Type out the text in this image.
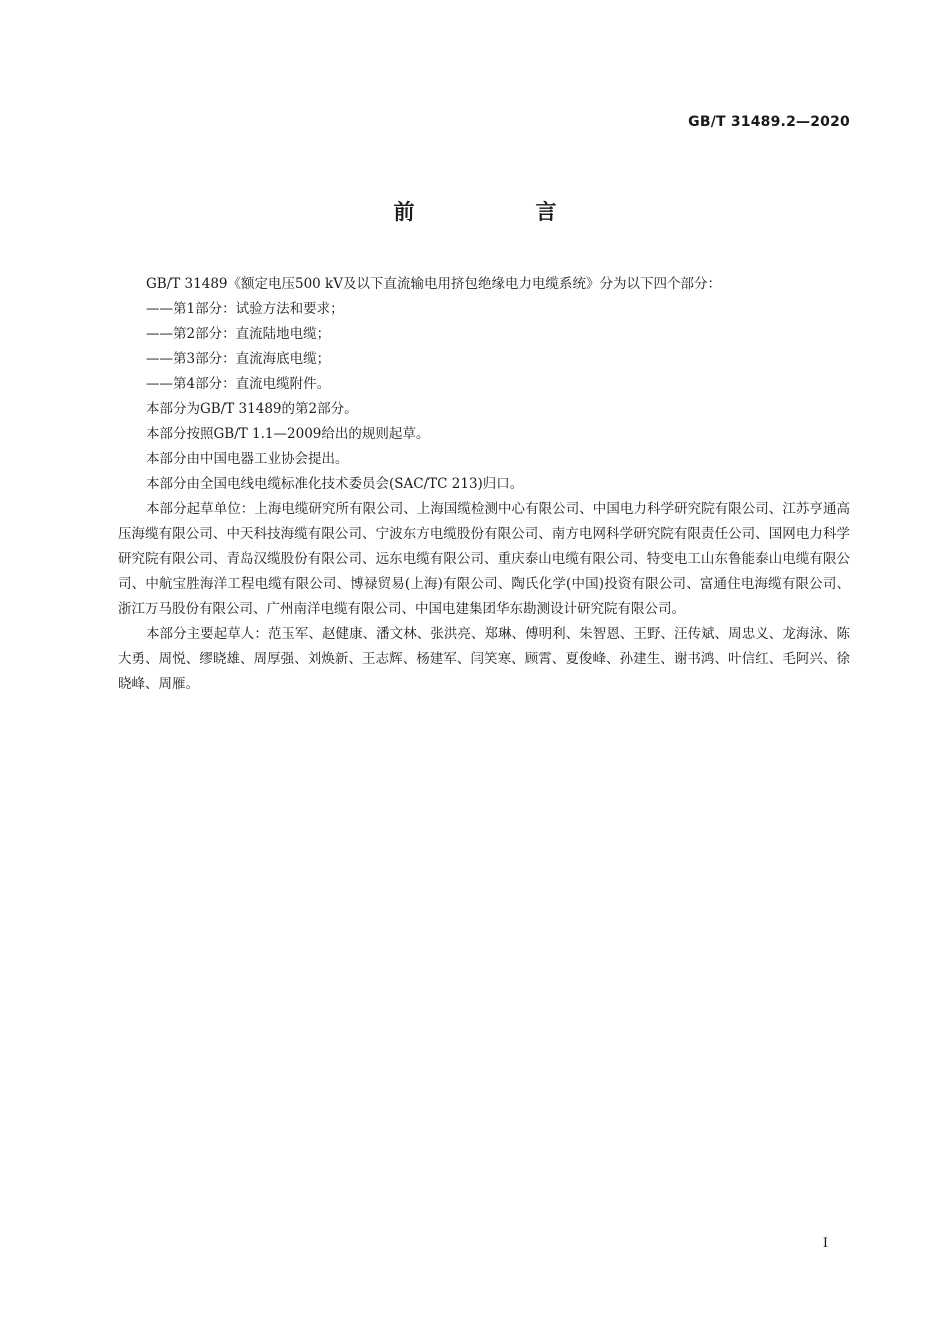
GB/T 31489.2—2020
前　言

GB/T 31489《额定电压500 kV及以下直流输电用挤包绝缘电力电缆系统》分为以下四个部分：

——第1部分：试验方法和要求；

——第2部分：直流陆地电缆；

——第3部分：直流海底电缆；

——第4部分：直流电缆附件。

本部分为GB/T 31489的第2部分。

本部分按照GB/T 1.1—2009给出的规则起草。

本部分由中国电器工业协会提出。

本部分由全国电线电缆标准化技术委员会(SAC/TC 213)归口。

本部分起草单位：上海电缆研究所有限公司、上海国缆检测中心有限公司、中国电力科学研究院有限公司、江苏亨通高压海缆有限公司、中天科技海缆有限公司、宁波东方电缆股份有限公司、南方电网科学研究院有限责任公司、国网电力科学研究院有限公司、青岛汉缆股份有限公司、远东电缆有限公司、重庆泰山电缆有限公司、特变电工山东鲁能泰山电缆有限公司、中航宝胜海洋工程电缆有限公司、博禄贸易(上海)有限公司、陶氏化学(中国)投资有限公司、富通住电海缆有限公司、浙江万马股份有限公司、广州南洋电缆有限公司、中国电建集团华东勘测设计研究院有限公司。

本部分主要起草人：范玉军、赵健康、潘文林、张洪亮、郑琳、傅明利、朱智恩、王野、汪传斌、周忠义、龙海泳、陈大勇、周悦、缪晓雄、周厚强、刘焕新、王志辉、杨建军、闫笑寒、顾霄、夏俊峰、孙建生、谢书鸿、叶信红、毛阿兴、徐晓峰、周雁。

I
